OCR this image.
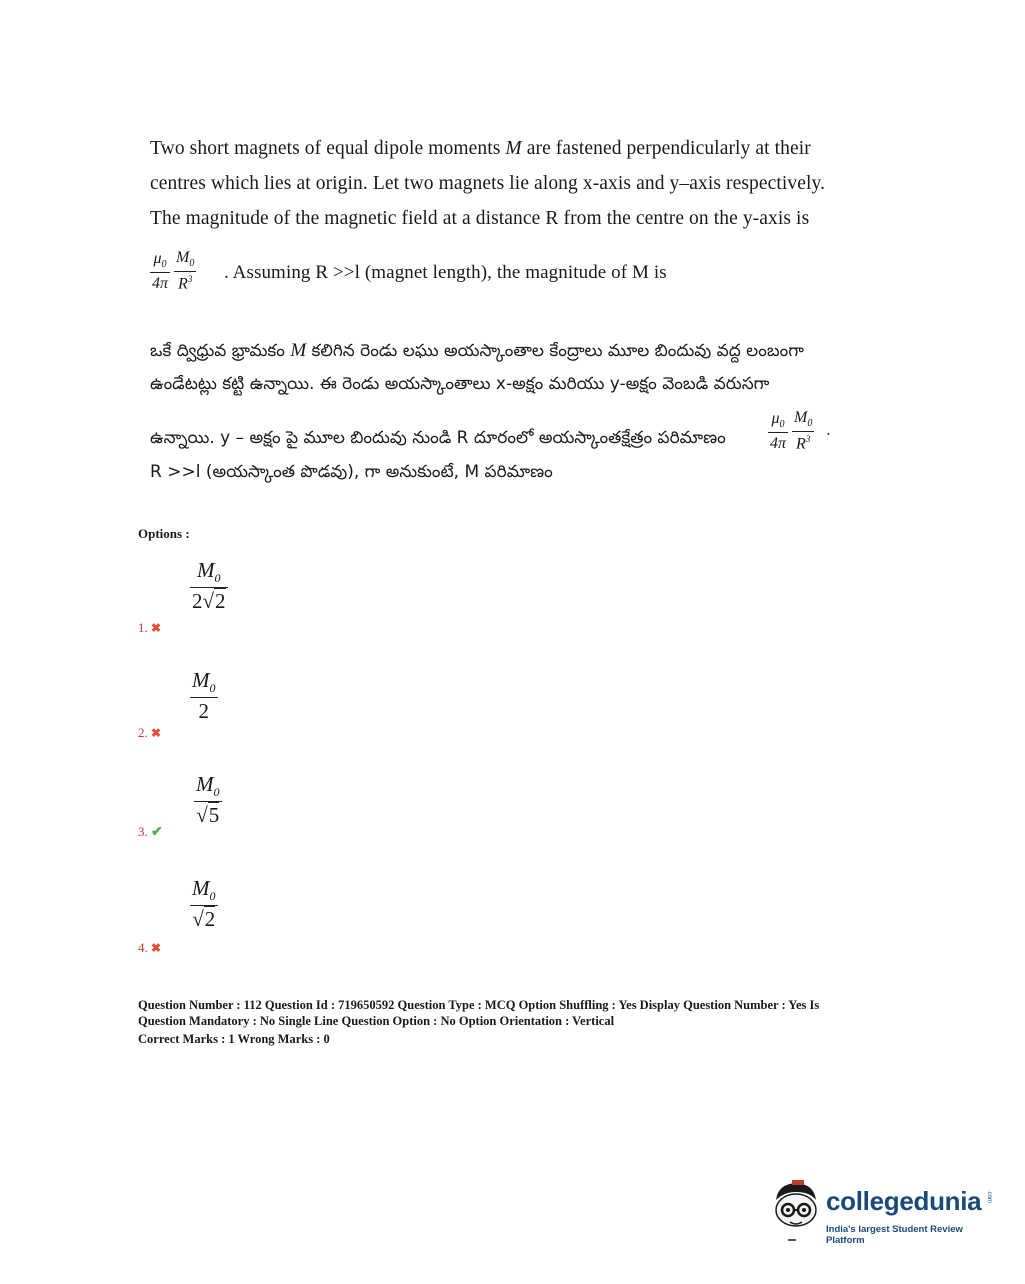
Two short magnets of equal dipole moments M are fastened perpendicularly at their
centres which lies at origin. Let two magnets lie along x-axis and y–axis respectively.
The magnitude of the magnetic field at a distance R from the centre on the y-axis is
$\frac{\mu_0}{4\pi}$
$\frac{M_0}{R^3}$ . Assuming R >>l (magnet length), the magnitude of M is
ఒకే ద్విధ్రువ భ్రామకం M కలిగిన రెండు లఘు అయస్కాంతాల కేంద్రాలు మూల బిందువు వద్ద లంబంగా
ఉండేటట్లు కట్టి ఉన్నాయి. ఈ రెండు అయస్కాంతాలు x-అక్షం మరియు y-అక్షం వెంబడి వరుసగా
ఉన్నాయి. y – అక్షం పై మూల బిందువు నుండి R దూరంలో అయస్కాంతక్షేత్రం పరిమాణం	$\frac{\mu_0}{4\pi}$
$\frac{M_0}{R^3}$ .
R >>l (అయస్కాంత పొడవు), గా అనుకుంటే, M పరిమాణం
Options :
$\frac{M_0}{2√2}$
1. ✖
$\frac{M_0}{2}$
2. ✖
$\frac{M_0}{√5}$
3. ✔
$\frac{M_0}{√2}$
4. ✖
Question Number : 112 Question Id : 719650592 Question Type : MCQ Option Shuffling : Yes Display Question Number : Yes Is
Question Mandatory : No Single Line Question Option : No Option Orientation : Vertical
Correct Marks : 1 Wrong Marks : 0
collegedunia .com
India's largest Student Review Platform
